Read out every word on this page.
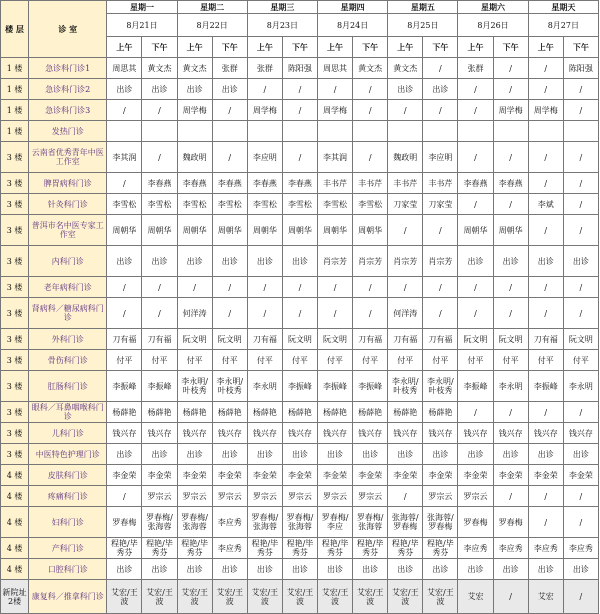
楼 层	诊 室	星期一		星期二		星期三		星期四		星期五		星期六		星期天	
		8月21日		8月22日		8月23日		8月24日		8月25日		8月26日		8月27日	
		上午	下午	上午	下午	上午	下午	上午	下午	上午	下午	上午	下午	上午	下午
1 楼	急诊科门诊1	周思其	黄文杰	黄文杰	张群	张群	陈阳强	周思其	黄文杰	黄文杰	/	张群	/	/	陈阳强
1 楼	急诊科门诊2	出诊	出诊	出诊	出诊	/	/	/	/	出诊	出诊	/	/	/	/
1 楼	急诊科门诊3	/	/	周学梅	/	周学梅	/	周学梅	/	/	/	/	周学梅	周学梅	/
1 楼	发热门诊														
3 楼	云南省优秀青年中医工作室	李其润	/	魏政明	/	李应明	/	李其润	/	魏政明	李应明	/	/	/	/
3 楼	脾胃病科门诊	/	李春燕	李春燕	李春燕	李春燕	李春燕	丰书芹	丰书芹	丰书芹	丰书芹	李春燕	李春燕	/	/
3 楼	针灸科门诊	李雪松	李雪松	李雪松	李雪松	李雪松	李雪松	李雪松	李雪松	刀家莹	刀家莹	/	/	李斌	/
3 楼	普洱市名中医专家工作室	周朝华	周朝华	周朝华	周朝华	周朝华	周朝华	周朝华	周朝华	/	/	周朝华	周朝华	/	/
3 楼	内科门诊	出诊	出诊	出诊	出诊	出诊	出诊	肖宗芳	肖宗芳	肖宗芳	肖宗芳	出诊	出诊	出诊	出诊
3 楼	老年病科门诊	/	/	/	/	/	/	/	/	/	/	/	/	/	/
3 楼	肾病科／糖尿病科门诊	/	/	何洋涛	/	/	/	/	/	何洋涛	/	/	/	/	/
3 楼	外科门诊	刀有福	刀有福	阮文明	阮文明	刀有福	阮文明	阮文明	刀有福	刀有福	刀有福	阮文明	阮文明	刀有福	阮文明
3 楼	骨伤科门诊	付平	付平	付平	付平	付平	付平	付平	付平	付平	付平	付平	付平	付平	付平
3 楼	肛肠科门诊	李振峰	李振峰	李永明/叶枝秀	李永明/叶枝秀	李永明	李振峰	李振峰	李振峰	李永明/叶枝秀	李永明/叶枝秀	李振峰	李永明	李振峰	李永明
3 楼	眼科／耳鼻咽喉科门诊	杨薛艳	杨薛艳	杨薛艳	杨薛艳	杨薛艳	杨薛艳	杨薛艳	杨薛艳	杨薛艳	杨薛艳	/	/	/	/
3 楼	儿科门诊	钱兴存	钱兴存	钱兴存	钱兴存	钱兴存	钱兴存	钱兴存	钱兴存	钱兴存	钱兴存	钱兴存	钱兴存	钱兴存	钱兴存
3 楼	中医特色护理门诊	出诊	出诊	出诊	出诊	出诊	出诊	出诊	出诊	出诊	出诊	出诊	出诊	出诊	出诊
4 楼	皮肤科门诊	李金荣	李金荣	李金荣	李金荣	李金荣	李金荣	李金荣	李金荣	李金荣	李金荣	李金荣	李金荣	李金荣	李金荣
4 楼	疼痛科门诊	/	罗宗云	罗宗云	罗宗云	罗宗云	罗宗云	罗宗云	罗宗云	/	罗宗云	罗宗云	/	/	/
4 楼	妇科门诊	罗春梅	罗春梅/张海蓉	罗春梅/张海蓉	李应秀	罗春梅/张海蓉	罗春梅/张海蓉	罗春梅/李应	罗春梅/张海蓉	张海蓉/罗春梅	张海蓉/罗春梅	罗春梅	罗春梅	/	/
4 楼	产科门诊	程艳/毕秀芬	程艳/毕秀芬	程艳/毕秀芬	李应秀	程艳/毕秀芬	程艳/毕秀芬	程艳/毕秀芬	程艳/毕秀芬	程艳/毕秀芬	程艳/毕秀芬	李应秀	李应秀	李应秀	李应秀
4 楼	口腔科门诊	出诊	出诊	出诊	出诊	出诊	出诊	出诊	出诊	出诊	出诊	出诊	出诊	出诊	出诊
新院址2楼	康复科／推拿科门诊	艾宏/王波	艾宏/王波	艾宏/王波	艾宏/王波	艾宏/王波	艾宏/王波	艾宏/王波	艾宏/王波	艾宏/王波	艾宏/王波	艾宏	/	艾宏	/
